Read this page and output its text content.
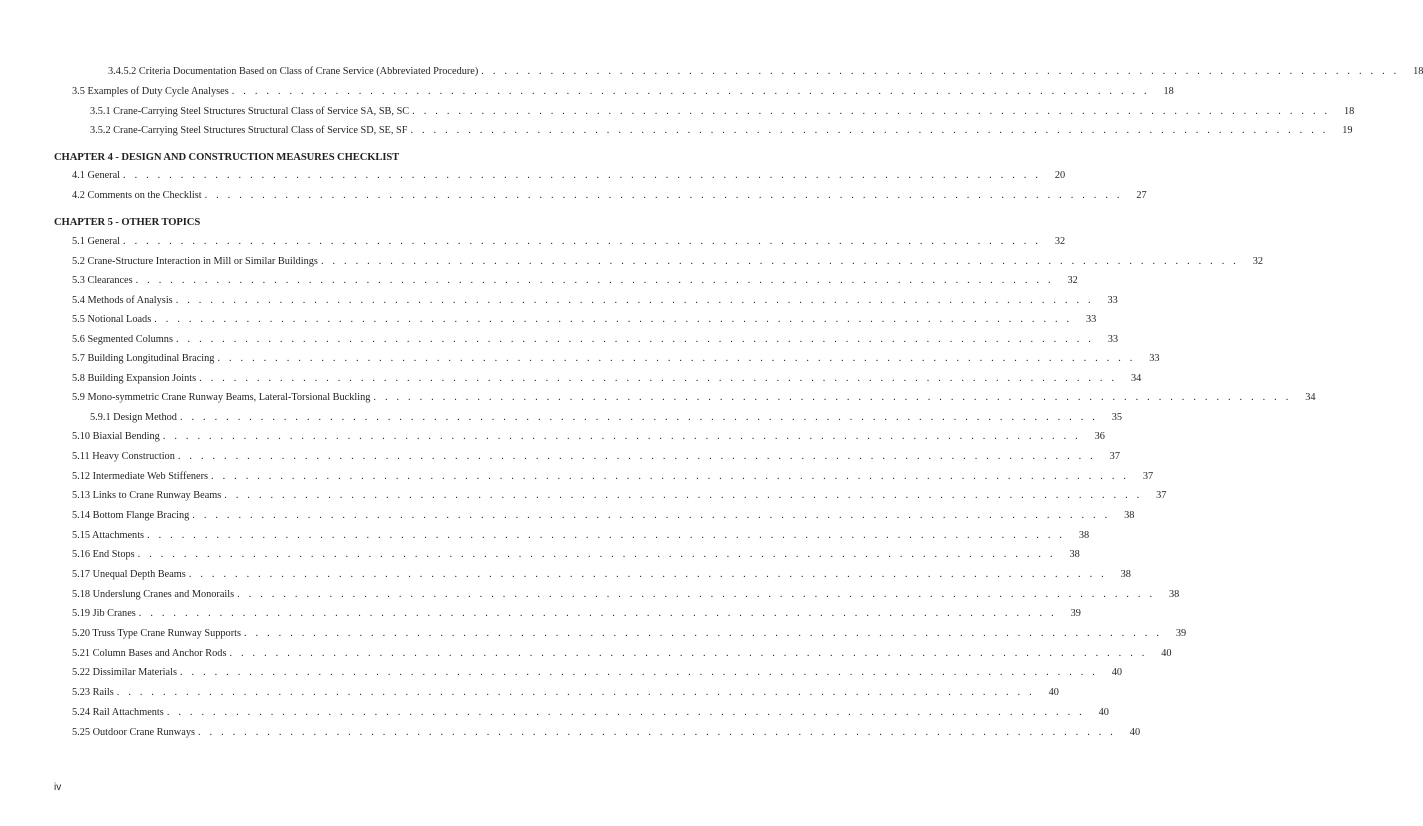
3.4.5.2 Criteria Documentation Based on Class of Crane Service (Abbreviated Procedure) . . . . . . . . . . . . . . . . . . . . . . . . . . . . . . . . . . . . . . . . . . . . . . . . . . . . . . . . . . . . . . . . . . . . . . . . . . . . . . . .	18
3.5 Examples of Duty Cycle Analyses . . . . . . . . . . . . . . . . . . . . . . . . . . . . . . . . . . . . . . . . . . . . . . . . . . . . . . . . . . . . . . . . . . . . . . . . . . . . . . . .	18
3.5.1 Crane-Carrying Steel Structures Structural Class of Service SA, SB, SC . . . . . . . . . . . . . . . . . . . . . . . . . . . . . . . . . . . . . . . . . . . . . . . . . . . . . . . . . . . . . . . . . . . . . . . . . . . . . . . .	18
3.5.2 Crane-Carrying Steel Structures Structural Class of Service SD, SE, SF . . . . . . . . . . . . . . . . . . . . . . . . . . . . . . . . . . . . . . . . . . . . . . . . . . . . . . . . . . . . . . . . . . . . . . . . . . . . . . . .	19
CHAPTER 4 - DESIGN AND CONSTRUCTION MEASURES CHECKLIST
4.1 General . . . . . . . . . . . . . . . . . . . . . . . . . . . . . . . . . . . . . . . . . . . . . . . . . . . . . . . . . . . . . . . . . . . . . . . . . . . . . . . .	20
4.2 Comments on the Checklist . . . . . . . . . . . . . . . . . . . . . . . . . . . . . . . . . . . . . . . . . . . . . . . . . . . . . . . . . . . . . . . . . . . . . . . . . . . . . . . .	27
CHAPTER 5 - OTHER TOPICS
5.1 General . . . . . . . . . . . . . . . . . . . . . . . . . . . . . . . . . . . . . . . . . . . . . . . . . . . . . . . . . . . . . . . . . . . . . . . . . . . . . . . .	32
5.2 Crane-Structure Interaction in Mill or Similar Buildings . . . . . . . . . . . . . . . . . . . . . . . . . . . . . . . . . . . . . . . . . . . . . . . . . . . . . . . . . . . . . . . . . . . . . . . . . . . . . . . .	32
5.3 Clearances . . . . . . . . . . . . . . . . . . . . . . . . . . . . . . . . . . . . . . . . . . . . . . . . . . . . . . . . . . . . . . . . . . . . . . . . . . . . . . . .	32
5.4 Methods of Analysis . . . . . . . . . . . . . . . . . . . . . . . . . . . . . . . . . . . . . . . . . . . . . . . . . . . . . . . . . . . . . . . . . . . . . . . . . . . . . . . .	33
5.5 Notional Loads . . . . . . . . . . . . . . . . . . . . . . . . . . . . . . . . . . . . . . . . . . . . . . . . . . . . . . . . . . . . . . . . . . . . . . . . . . . . . . . .	33
5.6 Segmented Columns . . . . . . . . . . . . . . . . . . . . . . . . . . . . . . . . . . . . . . . . . . . . . . . . . . . . . . . . . . . . . . . . . . . . . . . . . . . . . . . .	33
5.7 Building Longitudinal Bracing . . . . . . . . . . . . . . . . . . . . . . . . . . . . . . . . . . . . . . . . . . . . . . . . . . . . . . . . . . . . . . . . . . . . . . . . . . . . . . . .	33
5.8 Building Expansion Joints . . . . . . . . . . . . . . . . . . . . . . . . . . . . . . . . . . . . . . . . . . . . . . . . . . . . . . . . . . . . . . . . . . . . . . . . . . . . . . . .	34
5.9 Mono-symmetric Crane Runway Beams, Lateral-Torsional Buckling . . . . . . . . . . . . . . . . . . . . . . . . . . . . . . . . . . . . . . . . . . . . . . . . . . . . . . . . . . . . . . . . . . . . . . . . . . . . . . . .	34
5.9.1 Design Method . . . . . . . . . . . . . . . . . . . . . . . . . . . . . . . . . . . . . . . . . . . . . . . . . . . . . . . . . . . . . . . . . . . . . . . . . . . . . . . .	35
5.10 Biaxial Bending . . . . . . . . . . . . . . . . . . . . . . . . . . . . . . . . . . . . . . . . . . . . . . . . . . . . . . . . . . . . . . . . . . . . . . . . . . . . . . . .	36
5.11 Heavy Construction . . . . . . . . . . . . . . . . . . . . . . . . . . . . . . . . . . . . . . . . . . . . . . . . . . . . . . . . . . . . . . . . . . . . . . . . . . . . . . . .	37
5.12 Intermediate Web Stiffeners . . . . . . . . . . . . . . . . . . . . . . . . . . . . . . . . . . . . . . . . . . . . . . . . . . . . . . . . . . . . . . . . . . . . . . . . . . . . . . . .	37
5.13 Links to Crane Runway Beams . . . . . . . . . . . . . . . . . . . . . . . . . . . . . . . . . . . . . . . . . . . . . . . . . . . . . . . . . . . . . . . . . . . . . . . . . . . . . . . .	37
5.14 Bottom Flange Bracing . . . . . . . . . . . . . . . . . . . . . . . . . . . . . . . . . . . . . . . . . . . . . . . . . . . . . . . . . . . . . . . . . . . . . . . . . . . . . . . .	38
5.15 Attachments . . . . . . . . . . . . . . . . . . . . . . . . . . . . . . . . . . . . . . . . . . . . . . . . . . . . . . . . . . . . . . . . . . . . . . . . . . . . . . . .	38
5.16 End Stops . . . . . . . . . . . . . . . . . . . . . . . . . . . . . . . . . . . . . . . . . . . . . . . . . . . . . . . . . . . . . . . . . . . . . . . . . . . . . . . .	38
5.17 Unequal Depth Beams . . . . . . . . . . . . . . . . . . . . . . . . . . . . . . . . . . . . . . . . . . . . . . . . . . . . . . . . . . . . . . . . . . . . . . . . . . . . . . . .	38
5.18 Underslung Cranes and Monorails . . . . . . . . . . . . . . . . . . . . . . . . . . . . . . . . . . . . . . . . . . . . . . . . . . . . . . . . . . . . . . . . . . . . . . . . . . . . . . . .	38
5.19 Jib Cranes . . . . . . . . . . . . . . . . . . . . . . . . . . . . . . . . . . . . . . . . . . . . . . . . . . . . . . . . . . . . . . . . . . . . . . . . . . . . . . . .	39
5.20 Truss Type Crane Runway Supports . . . . . . . . . . . . . . . . . . . . . . . . . . . . . . . . . . . . . . . . . . . . . . . . . . . . . . . . . . . . . . . . . . . . . . . . . . . . . . . .	39
5.21 Column Bases and Anchor Rods . . . . . . . . . . . . . . . . . . . . . . . . . . . . . . . . . . . . . . . . . . . . . . . . . . . . . . . . . . . . . . . . . . . . . . . . . . . . . . . .	40
5.22 Dissimilar Materials . . . . . . . . . . . . . . . . . . . . . . . . . . . . . . . . . . . . . . . . . . . . . . . . . . . . . . . . . . . . . . . . . . . . . . . . . . . . . . . .	40
5.23 Rails . . . . . . . . . . . . . . . . . . . . . . . . . . . . . . . . . . . . . . . . . . . . . . . . . . . . . . . . . . . . . . . . . . . . . . . . . . . . . . . .	40
5.24 Rail Attachments . . . . . . . . . . . . . . . . . . . . . . . . . . . . . . . . . . . . . . . . . . . . . . . . . . . . . . . . . . . . . . . . . . . . . . . . . . . . . . . .	40
5.25 Outdoor Crane Runways . . . . . . . . . . . . . . . . . . . . . . . . . . . . . . . . . . . . . . . . . . . . . . . . . . . . . . . . . . . . . . . . . . . . . . . . . . . . . . . .	40
iv
